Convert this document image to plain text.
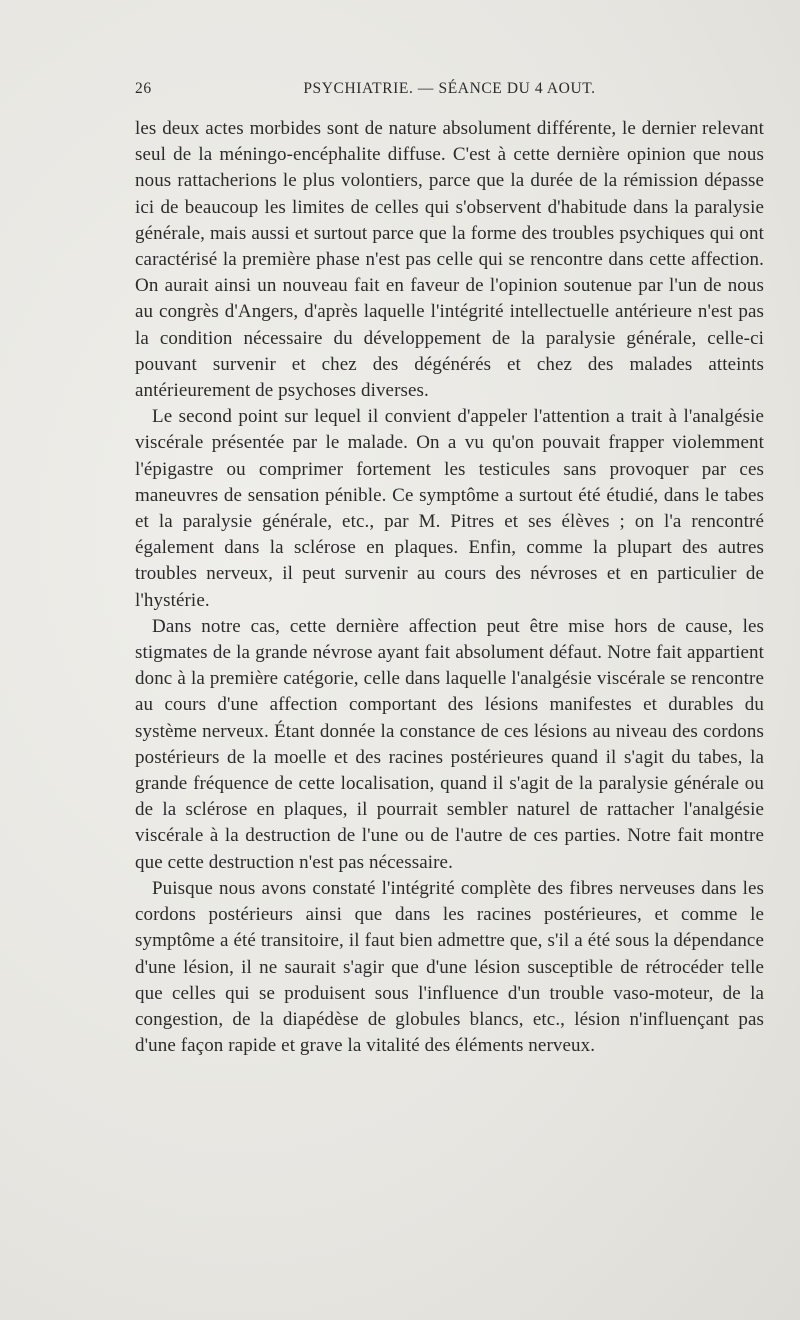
26	PSYCHIATRIE. — SÉANCE DU 4 AOUT.

les deux actes morbides sont de nature absolument différente, le dernier relevant seul de la méningo-encéphalite diffuse. C'est à cette dernière opinion que nous nous rattacherions le plus volontiers, parce que la durée de la rémission dépasse ici de beaucoup les limites de celles qui s'observent d'habitude dans la paralysie générale, mais aussi et surtout parce que la forme des troubles psychiques qui ont caractérisé la première phase n'est pas celle qui se rencontre dans cette affection. On aurait ainsi un nouveau fait en faveur de l'opinion soutenue par l'un de nous au congrès d'Angers, d'après laquelle l'intégrité intellectuelle antérieure n'est pas la condition nécessaire du développement de la paralysie générale, celle-ci pouvant survenir et chez des dégénérés et chez des malades atteints antérieurement de psychoses diverses.

Le second point sur lequel il convient d'appeler l'attention a trait à l'analgésie viscérale présentée par le malade. On a vu qu'on pouvait frapper violemment l'épigastre ou comprimer fortement les testicules sans provoquer par ces maneuvres de sensation pénible. Ce symptôme a surtout été étudié, dans le tabes et la paralysie générale, etc., par M. Pitres et ses élèves ; on l'a rencontré également dans la sclérose en plaques. Enfin, comme la plupart des autres troubles nerveux, il peut survenir au cours des névroses et en particulier de l'hystérie.

Dans notre cas, cette dernière affection peut être mise hors de cause, les stigmates de la grande névrose ayant fait absolument défaut. Notre fait appartient donc à la première catégorie, celle dans laquelle l'analgésie viscérale se rencontre au cours d'une affection comportant des lésions manifestes et durables du système nerveux. Étant donnée la constance de ces lésions au niveau des cordons postérieurs de la moelle et des racines postérieures quand il s'agit du tabes, la grande fréquence de cette localisation, quand il s'agit de la paralysie générale ou de la sclérose en plaques, il pourrait sembler naturel de rattacher l'analgésie viscérale à la destruction de l'une ou de l'autre de ces parties. Notre fait montre que cette destruction n'est pas nécessaire.

Puisque nous avons constaté l'intégrité complète des fibres nerveuses dans les cordons postérieurs ainsi que dans les racines postérieures, et comme le symptôme a été transitoire, il faut bien admettre que, s'il a été sous la dépendance d'une lésion, il ne saurait s'agir que d'une lésion susceptible de rétrocéder telle que celles qui se produisent sous l'influence d'un trouble vaso-moteur, de la congestion, de la diapédèse de globules blancs, etc., lésion n'influençant pas d'une façon rapide et grave la vitalité des éléments nerveux.
